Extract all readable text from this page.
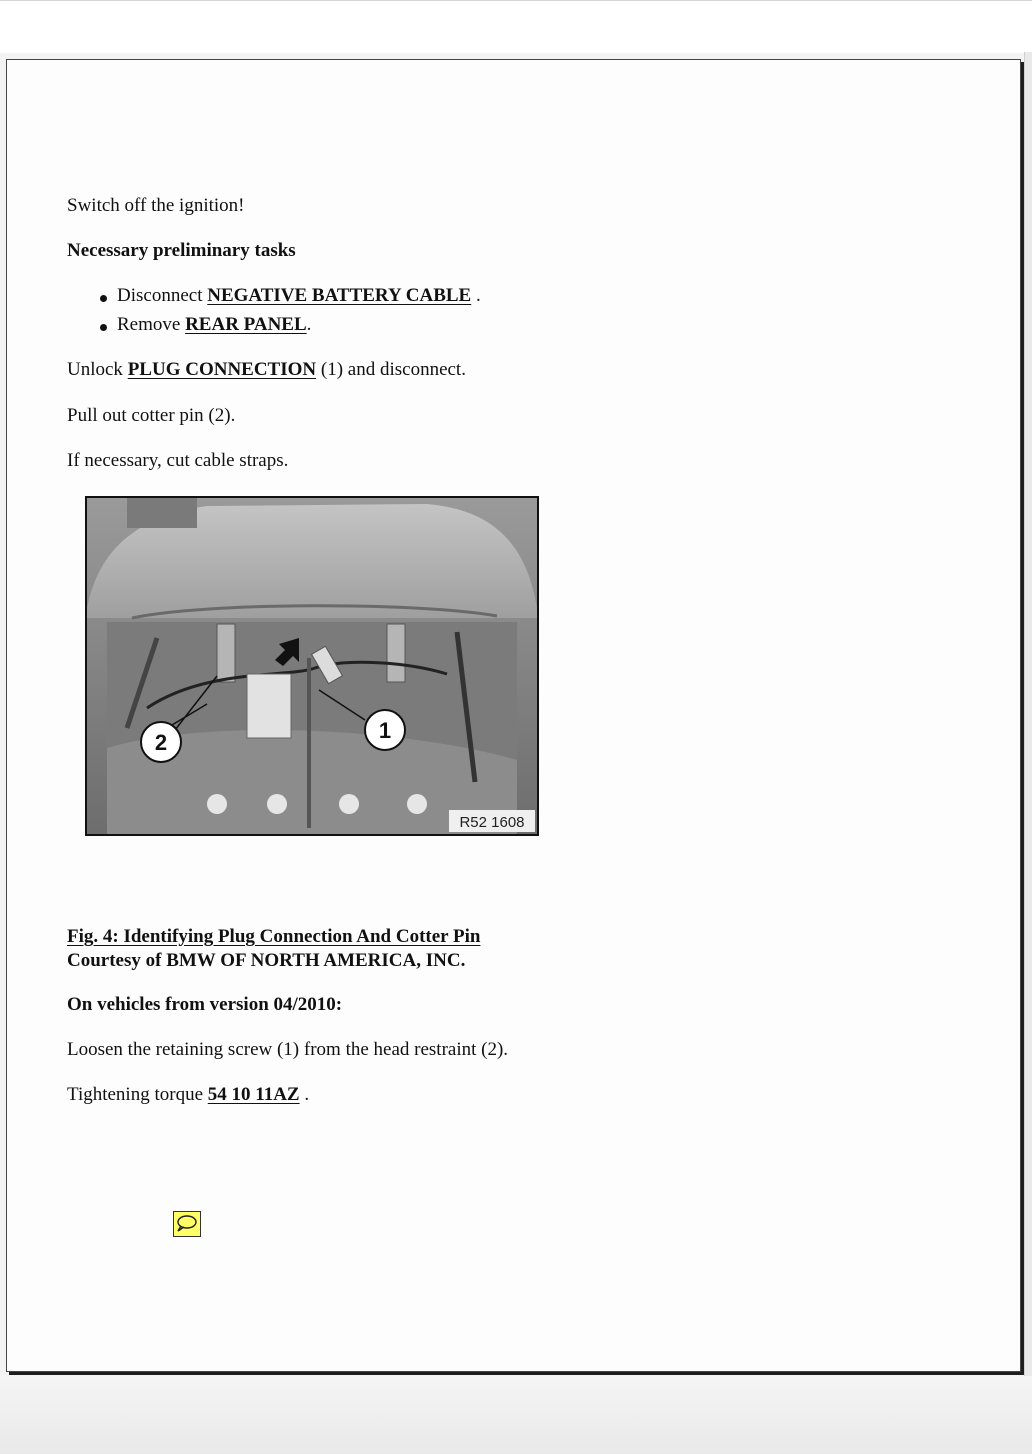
Switch off the ignition!

Necessary preliminary tasks

Disconnect NEGATIVE BATTERY CABLE .
Remove REAR PANEL.

Unlock PLUG CONNECTION (1) and disconnect.

Pull out cotter pin (2).

If necessary, cut cable straps.

2	1
R52 1608
Fig. 4: Identifying Plug Connection And Cotter Pin
Courtesy of BMW OF NORTH AMERICA, INC.

On vehicles from version 04/2010:

Loosen the retaining screw (1) from the head restraint (2).

Tightening torque 54 10 11AZ .
